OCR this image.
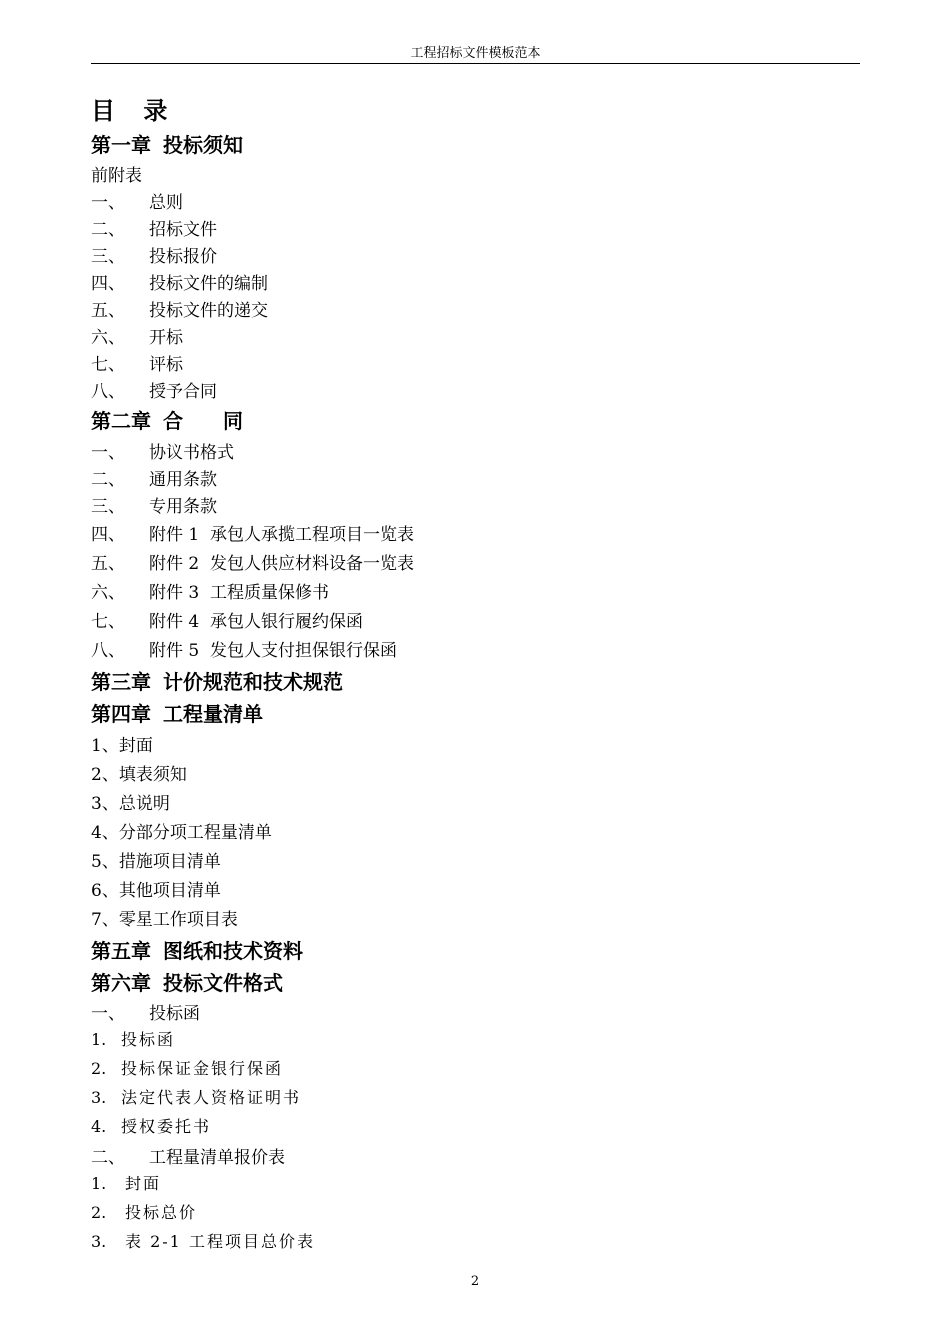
工程招标文件模板范本
目 录
第一章 投标须知
前附表
一、 总则
二、 招标文件
三、 投标报价
四、 投标文件的编制
五、 投标文件的递交
六、 开标
七、 评标
八、 授予合同
第二章 合　　同
一、 协议书格式
二、 通用条款
三、 专用条款
四、 附件 1  承包人承揽工程项目一览表
五、 附件 2  发包人供应材料设备一览表
六、 附件 3  工程质量保修书
七、 附件 4  承包人银行履约保函
八、 附件 5  发包人支付担保银行保函
第三章 计价规范和技术规范
第四章 工程量清单
1、封面
2、填表须知
3、总说明
4、分部分项工程量清单
5、措施项目清单
6、其他项目清单
7、零星工作项目表
第五章 图纸和技术资料
第六章 投标文件格式
一、 投标函
1. 投标函
2. 投标保证金银行保函
3. 法定代表人资格证明书
4. 授权委托书
二、 工程量清单报价表
1. 封面
2. 投标总价
3. 表 2-1 工程项目总价表
2
